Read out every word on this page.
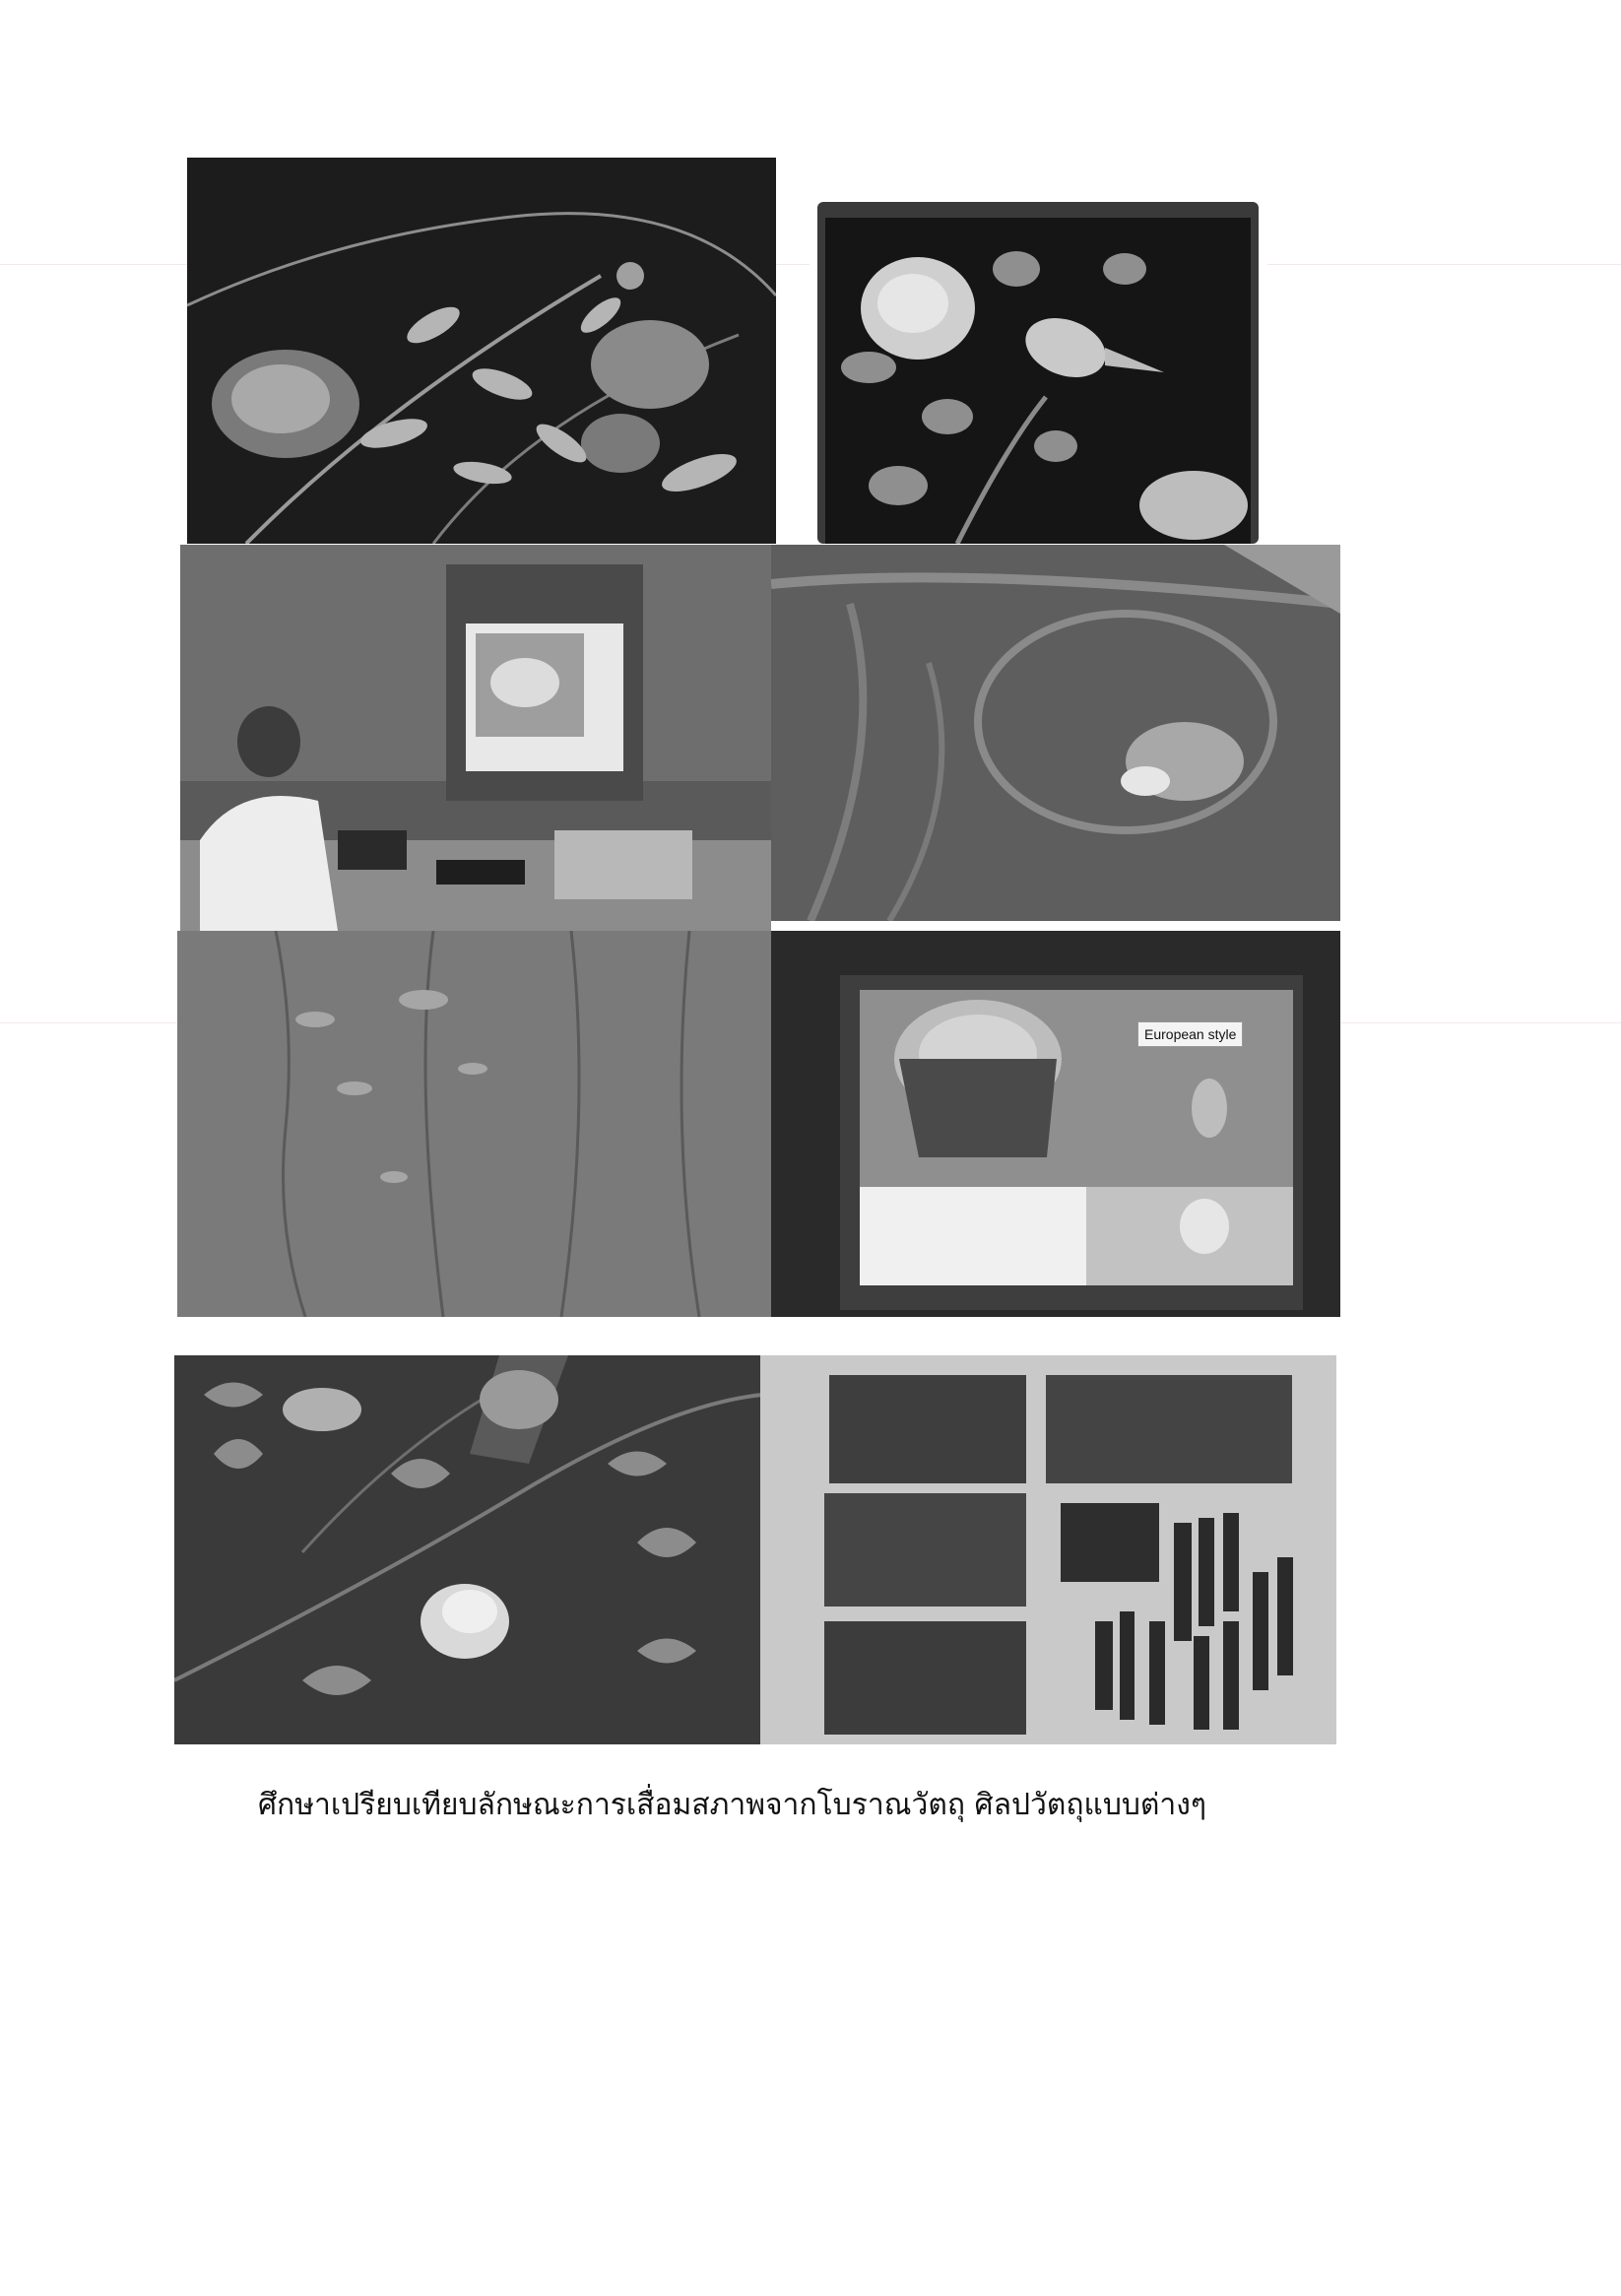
European style
ศึกษาเปรียบเทียบลักษณะการเสื่อมสภาพจากโบราณวัตถุ ศิลปวัตถุแบบต่างๆ
